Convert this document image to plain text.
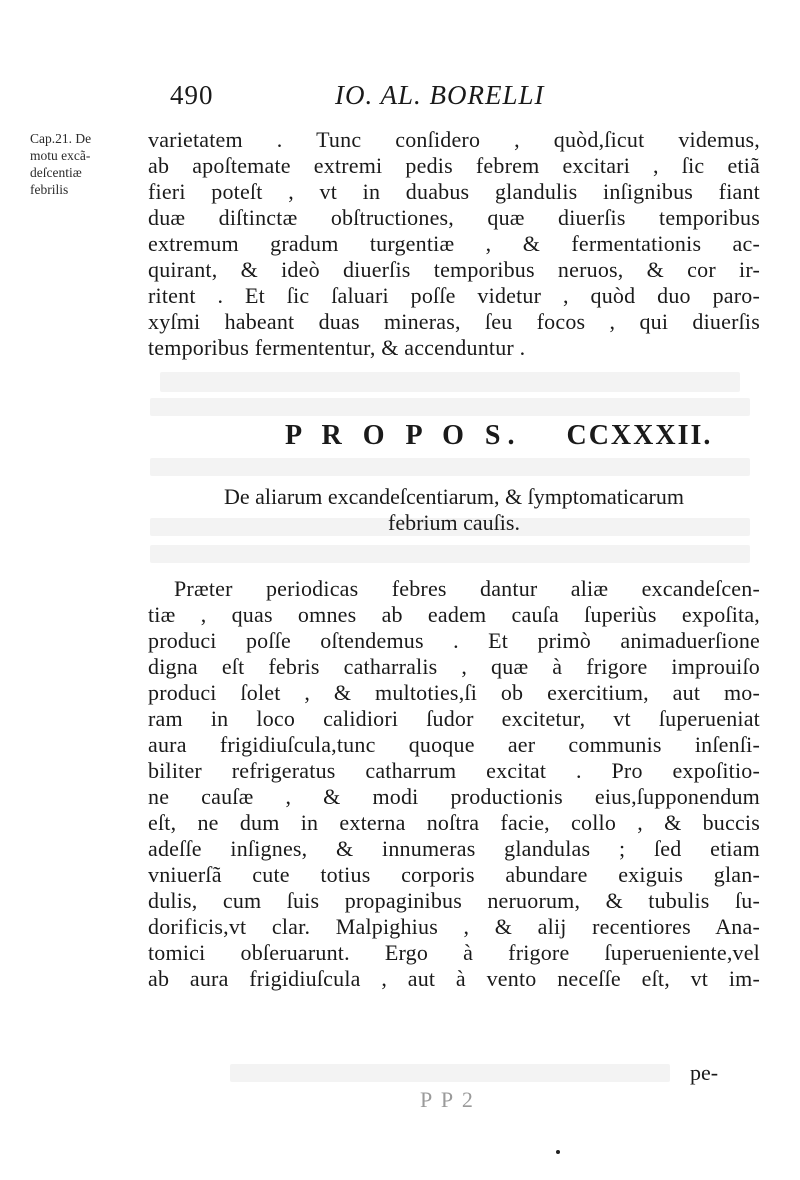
490	IO. AL. BORELLI
Cap.21. De
motu excã-
deſcentiæ
febrilis
varietatem . Tunc conſidero , quòd,ſicut videmus,
ab apoſtemate extremi pedis febrem excitari , ſic etiã
fieri poteſt , vt in duabus glandulis inſignibus fiant
duæ diſtinctæ obſtructiones, quæ diuerſis temporibus
extremum gradum turgentiæ , & fermentationis ac-
quirant, & ideò diuerſis temporibus neruos, & cor ir-
ritent . Et ſic ſaluari poſſe videtur , quòd duo paro-
xyſmi habeant duas mineras, ſeu focos , qui diuerſis
temporibus fermententur, & accenduntur .
P R O P O S. CCXXXII.
De aliarum excandeſcentiarum, & ſymptomaticarum
febrium cauſis.
Præter periodicas febres dantur aliæ excandeſcen-
tiæ , quas omnes ab eadem cauſa ſuperiùs expoſita,
produci poſſe oſtendemus . Et primò animaduerſione
digna eſt febris catharralis , quæ à frigore improuiſo
produci ſolet , & multoties,ſi ob exercitium, aut mo-
ram in loco calidiori ſudor excitetur, vt ſuperueniat
aura frigidiuſcula,tunc quoque aer communis inſenſi-
biliter refrigeratus catharrum excitat . Pro expoſitio-
ne cauſæ , & modi productionis eius,ſupponendum
eſt, ne dum in externa noſtra facie, collo , & buccis
adeſſe inſignes, & innumeras glandulas ; ſed etiam
vniuerſã cute totius corporis abundare exiguis glan-
dulis, cum ſuis propaginibus neruorum, & tubulis ſu-
dorificis,vt clar. Malpighius , & alij recentiores Ana-
tomici obſeruarunt. Ergo à frigore ſuperueniente,vel
ab aura frigidiuſcula , aut à vento neceſſe eſt, vt im-
pe-
P P 2
